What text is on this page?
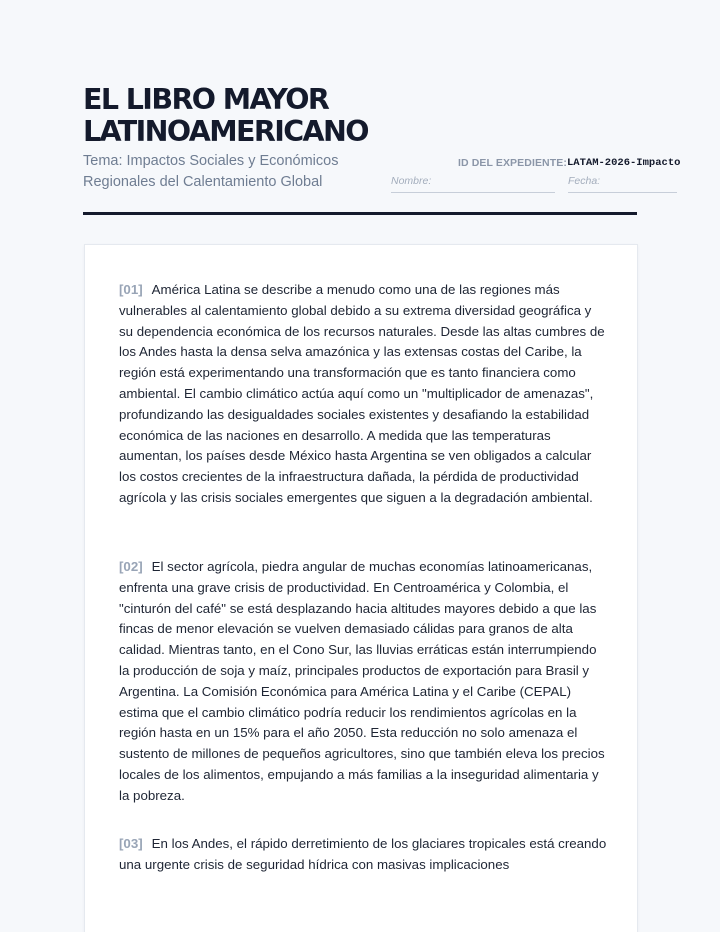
EL LIBRO MAYOR
LATINOAMERICANO

Tema: Impactos Sociales y Económicos Regionales del Calentamiento Global

ID DEL EXPEDIENTE: LATAM-2026-Impacto
Nombre:	Fecha:

[01] América Latina se describe a menudo como una de las regiones más vulnerables al calentamiento global debido a su extrema diversidad geográfica y su dependencia económica de los recursos naturales. Desde las altas cumbres de los Andes hasta la densa selva amazónica y las extensas costas del Caribe, la región está experimentando una transformación que es tanto financiera como ambiental. El cambio climático actúa aquí como un "multiplicador de amenazas", profundizando las desigualdades sociales existentes y desafiando la estabilidad económica de las naciones en desarrollo. A medida que las temperaturas aumentan, los países desde México hasta Argentina se ven obligados a calcular los costos crecientes de la infraestructura dañada, la pérdida de productividad agrícola y las crisis sociales emergentes que siguen a la degradación ambiental.

[02] El sector agrícola, piedra angular de muchas economías latinoamericanas, enfrenta una grave crisis de productividad. En Centroamérica y Colombia, el "cinturón del café" se está desplazando hacia altitudes mayores debido a que las fincas de menor elevación se vuelven demasiado cálidas para granos de alta calidad. Mientras tanto, en el Cono Sur, las lluvias erráticas están interrumpiendo la producción de soja y maíz, principales productos de exportación para Brasil y Argentina. La Comisión Económica para América Latina y el Caribe (CEPAL) estima que el cambio climático podría reducir los rendimientos agrícolas en la región hasta en un 15% para el año 2050. Esta reducción no solo amenaza el sustento de millones de pequeños agricultores, sino que también eleva los precios locales de los alimentos, empujando a más familias a la inseguridad alimentaria y la pobreza.

[03] En los Andes, el rápido derretimiento de los glaciares tropicales está creando una urgente crisis de seguridad hídrica con masivas implicaciones
